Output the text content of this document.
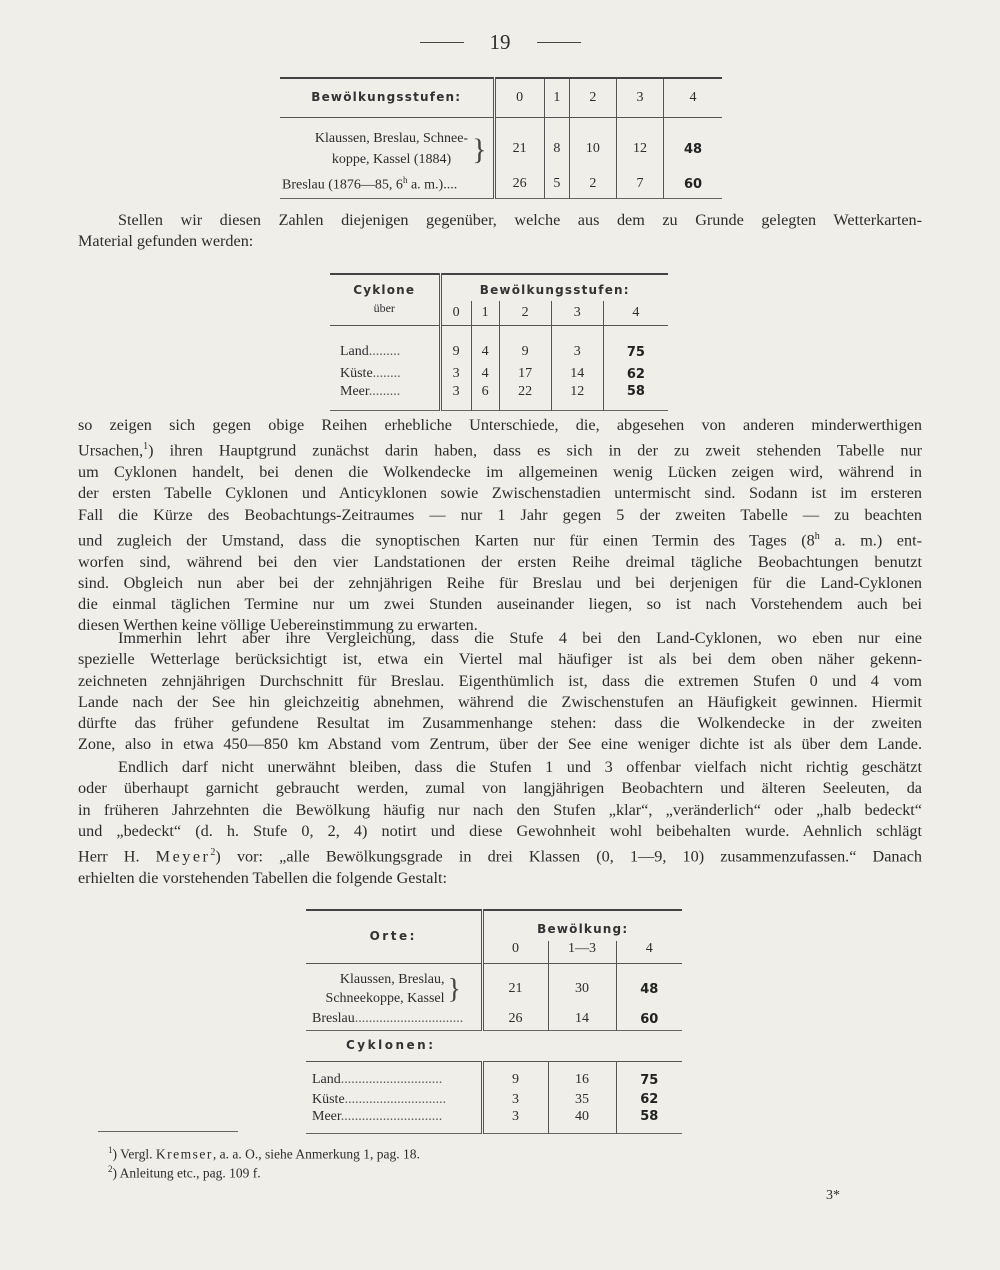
19
Bewölkungsstufen:	0	1	2	3	4

Klaussen, Breslau, Schnee-
koppe, Kassel (1884) }	21	8	10	12	48
Breslau (1876—85, 6$^h$ a. m.)....	26	5	2	7	60

Stellen wir diesen Zahlen diejenigen gegenüber, welche aus dem zu Grunde gelegten Wetterkarten-

Material gefunden werden:

Cyklone	Bewölkungsstufen:				
über	0	1	2	3	4
Land.........	9	4	9	3	75
Küste........	3	4	17	14	62
Meer.........	3	6	22	12	58

so zeigen sich gegen obige Reihen erhebliche Unterschiede, die, abgesehen von anderen minderwerthigen

Ursachen,$^1$) ihren Hauptgrund zunächst darin haben, dass es sich in der zu zweit stehenden Tabelle nur

um Cyklonen handelt, bei denen die Wolkendecke im allgemeinen wenig Lücken zeigen wird, während in

der ersten Tabelle Cyklonen und Anticyklonen sowie Zwischenstadien untermischt sind. Sodann ist im ersteren

Fall die Kürze des Beobachtungs-Zeitraumes — nur 1 Jahr gegen 5 der zweiten Tabelle — zu beachten

und zugleich der Umstand, dass die synoptischen Karten nur für einen Termin des Tages (8$^h$ a. m.) ent-

worfen sind, während bei den vier Landstationen der ersten Reihe dreimal tägliche Beobachtungen benutzt

sind. Obgleich nun aber bei der zehnjährigen Reihe für Breslau und bei derjenigen für die Land-Cyklonen

die einmal täglichen Termine nur um zwei Stunden auseinander liegen, so ist nach Vorstehendem auch bei

diesen Werthen keine völlige Uebereinstimmung zu erwarten.

Immerhin lehrt aber ihre Vergleichung, dass die Stufe 4 bei den Land-Cyklonen, wo eben nur eine

spezielle Wetterlage berücksichtigt ist, etwa ein Viertel mal häufiger ist als bei dem oben näher gekenn-

zeichneten zehnjährigen Durchschnitt für Breslau. Eigenthümlich ist, dass die extremen Stufen 0 und 4 vom

Lande nach der See hin gleichzeitig abnehmen, während die Zwischenstufen an Häufigkeit gewinnen. Hiermit

dürfte das früher gefundene Resultat im Zusammenhange stehen: dass die Wolkendecke in der zweiten

Zone, also in etwa 450—850 km Abstand vom Zentrum, über der See eine weniger dichte ist als über dem Lande.

Endlich darf nicht unerwähnt bleiben, dass die Stufen 1 und 3 offenbar vielfach nicht richtig geschätzt

oder überhaupt garnicht gebraucht werden, zumal von langjährigen Beobachtern und älteren Seeleuten, da

in früheren Jahrzehnten die Bewölkung häufig nur nach den Stufen „klar“, „veränderlich“ oder „halb bedeckt“

und „bedeckt“ (d. h. Stufe 0, 2, 4) notirt und diese Gewohnheit wohl beibehalten wurde. Aehnlich schlägt

Herr H. Meyer$^2$) vor: „alle Bewölkungsgrade in drei Klassen (0, 1—9, 10) zusammenzufassen.“ Danach

erhielten die vorstehenden Tabellen die folgende Gestalt:

Orte:	Bewölkung:		
	0	1—3	4

Klaussen, Breslau,
Schneekoppe, Kassel }	21	30	48
Breslau...............................	26	14	60
Cyklonen:			
Land.............................	9	16	75
Küste.............................	3	35	62
Meer.............................	3	40	58
$^1$) Vergl. Kremser, a. a. O., siehe Anmerkung 1, pag. 18.
$^2$) Anleitung etc., pag. 109 f.
3*
